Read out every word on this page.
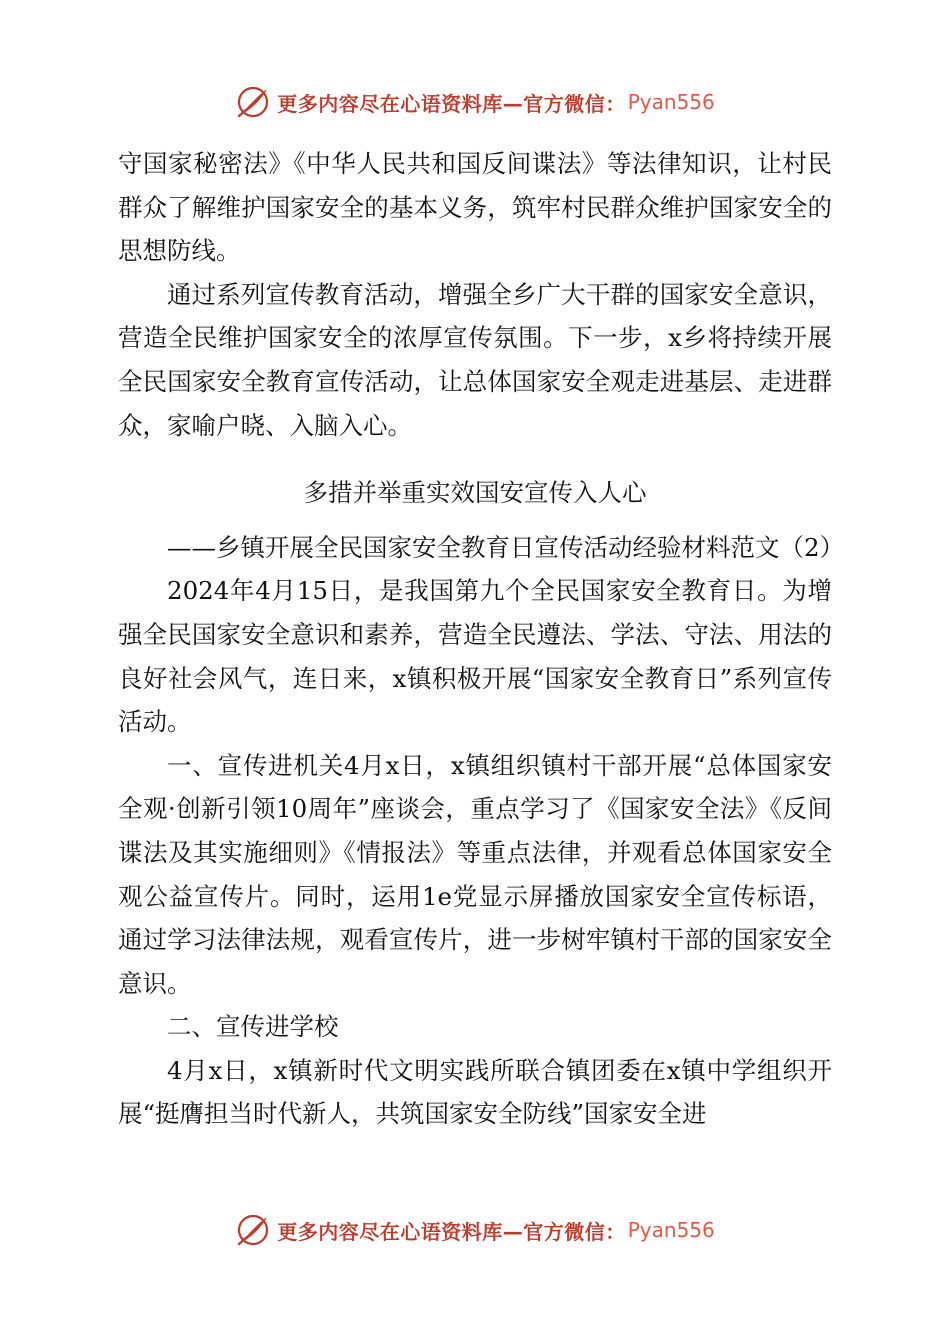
更多内容尽在心语资料库—官方微信： Pyan556

守国家秘密法》《中华人民共和国反间谍法》等法律知识，让村民群众了解维护国家安全的基本义务，筑牢村民群众维护国家安全的思想防线。

通过系列宣传教育活动，增强全乡广大干群的国家安全意识，营造全民维护国家安全的浓厚宣传氛围。下一步，x乡将持续开展全民国家安全教育宣传活动，让总体国家安全观走进基层、走进群众，家喻户晓、入脑入心。

多措并举重实效国安宣传入人心

——乡镇开展全民国家安全教育日宣传活动经验材料范文（2）

2024年4月15日，是我国第九个全民国家安全教育日。为增强全民国家安全意识和素养，营造全民遵法、学法、守法、用法的良好社会风气，连日来，x镇积极开展“国家安全教育日”系列宣传活动。

一、宣传进机关4月x日，x镇组织镇村干部开展“总体国家安全观·创新引领10周年”座谈会，重点学习了《国家安全法》《反间谍法及其实施细则》《情报法》等重点法律，并观看总体国家安全观公益宣传片。同时，运用1e党显示屏播放国家安全宣传标语，通过学习法律法规，观看宣传片，进一步树牢镇村干部的国家安全意识。

二、宣传进学校

4月x日，x镇新时代文明实践所联合镇团委在x镇中学组织开展“挺膺担当时代新人，共筑国家安全防线”国家安全进

更多内容尽在心语资料库—官方微信： Pyan556
